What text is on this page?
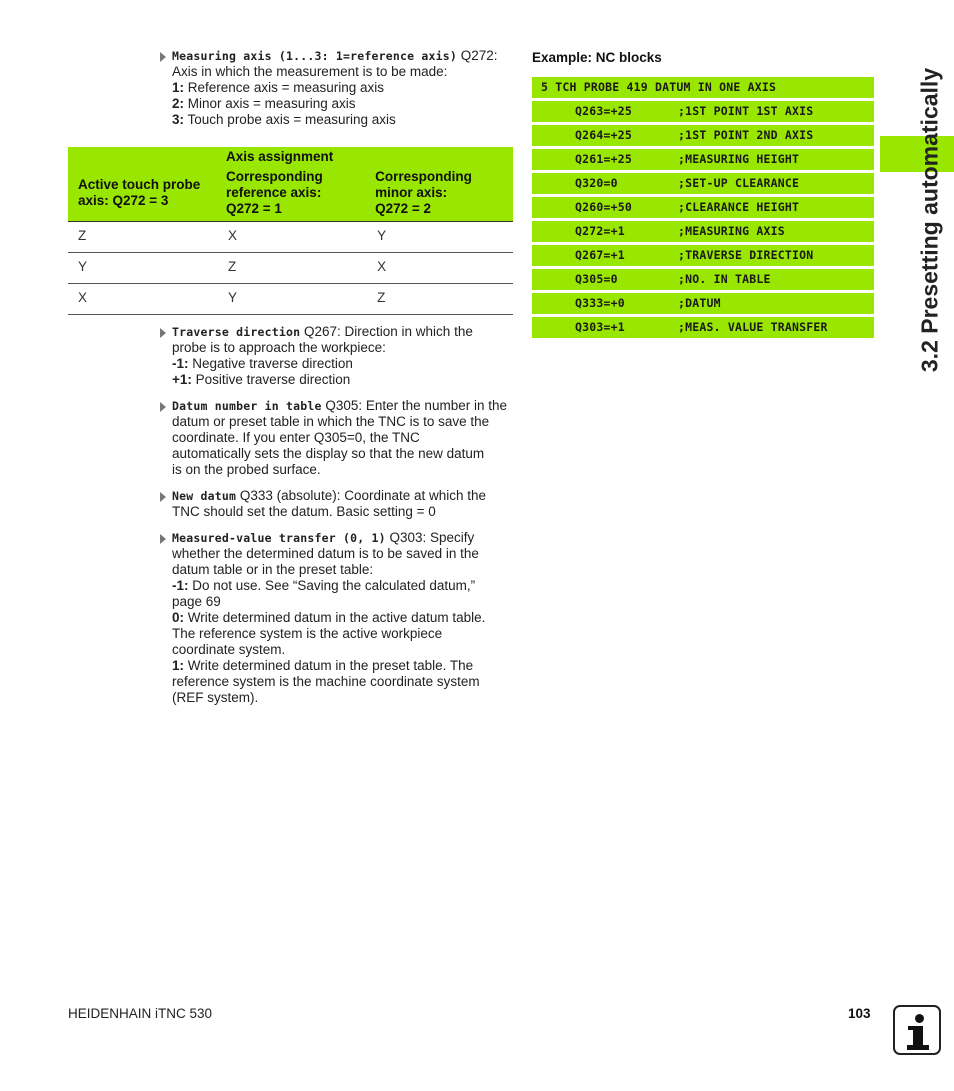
Measuring axis (1...3: 1=reference axis) Q272:
Axis in which the measurement is to be made:
1: Reference axis = measuring axis
2: Minor axis = measuring axis
3: Touch probe axis = measuring axis
	Axis assignment	
Active touch probe axis: Q272 = 3	Corresponding
reference axis:
Q272 = 1	Corresponding
minor axis:
Q272 = 2
Z	X	Y
Y	Z	X
X	Y	Z
Traverse direction Q267: Direction in which the
probe is to approach the workpiece:
-1: Negative traverse direction
+1: Positive traverse direction
Datum number in table Q305: Enter the number in the
datum or preset table in which the TNC is to save the
coordinate. If you enter Q305=0, the TNC
automatically sets the display so that the new datum
is on the probed surface.
New datum Q333 (absolute): Coordinate at which the
TNC should set the datum. Basic setting = 0
Measured-value transfer (0, 1) Q303: Specify
whether the determined datum is to be saved in the
datum table or in the preset table:
-1: Do not use. See “Saving the calculated datum,”
page 69
0: Write determined datum in the active datum table.
The reference system is the active workpiece
coordinate system.
1: Write determined datum in the preset table. The
reference system is the machine coordinate system
(REF system).
Example: NC blocks
5 TCH PROBE 419 DATUM IN ONE AXIS
Q263=+25	;1ST POINT 1ST AXIS
Q264=+25	;1ST POINT 2ND AXIS
Q261=+25	;MEASURING HEIGHT
Q320=0	;SET-UP CLEARANCE
Q260=+50	;CLEARANCE HEIGHT
Q272=+1	;MEASURING AXIS
Q267=+1	;TRAVERSE DIRECTION
Q305=0	;NO. IN TABLE
Q333=+0	;DATUM
Q303=+1	;MEAS. VALUE TRANSFER	3.2 Presetting automatically
HEIDENHAIN iTNC 530	103
